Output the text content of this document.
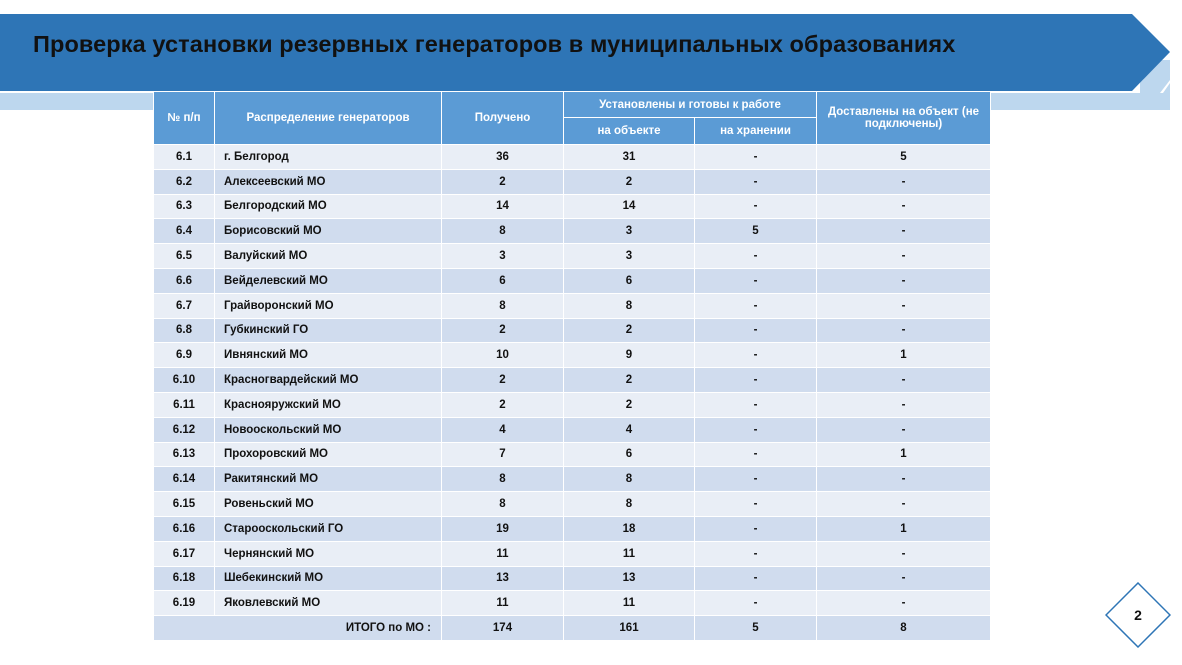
Проверка установки резервных генераторов в муниципальных образованиях
№ п/п	Распределение генераторов	Получено	Установлены и готовы к работе		Доставлены на объект (не подключены)
			на объекте	на хранении	
6.1	г. Белгород	36	31	-	5
6.2	Алексеевский МО	2	2	-	-
6.3	Белгородский МО	14	14	-	-
6.4	Борисовский МО	8	3	5	-
6.5	Валуйский МО	3	3	-	-
6.6	Вейделевский МО	6	6	-	-
6.7	Грайворонский МО	8	8	-	-
6.8	Губкинский ГО	2	2	-	-
6.9	Ивнянский МО	10	9	-	1
6.10	Красногвардейский МО	2	2	-	-
6.11	Краснояружский МО	2	2	-	-
6.12	Новооскольский МО	4	4	-	-
6.13	Прохоровский МО	7	6	-	1
6.14	Ракитянский МО	8	8	-	-
6.15	Ровеньский МО	8	8	-	-
6.16	Старооскольский ГО	19	18	-	1
6.17	Чернянский МО	11	11	-	-
6.18	Шебекинский МО	13	13	-	-
6.19	Яковлевский МО	11	11	-	-
ИТОГО по МО :		174	161	5	8
2
